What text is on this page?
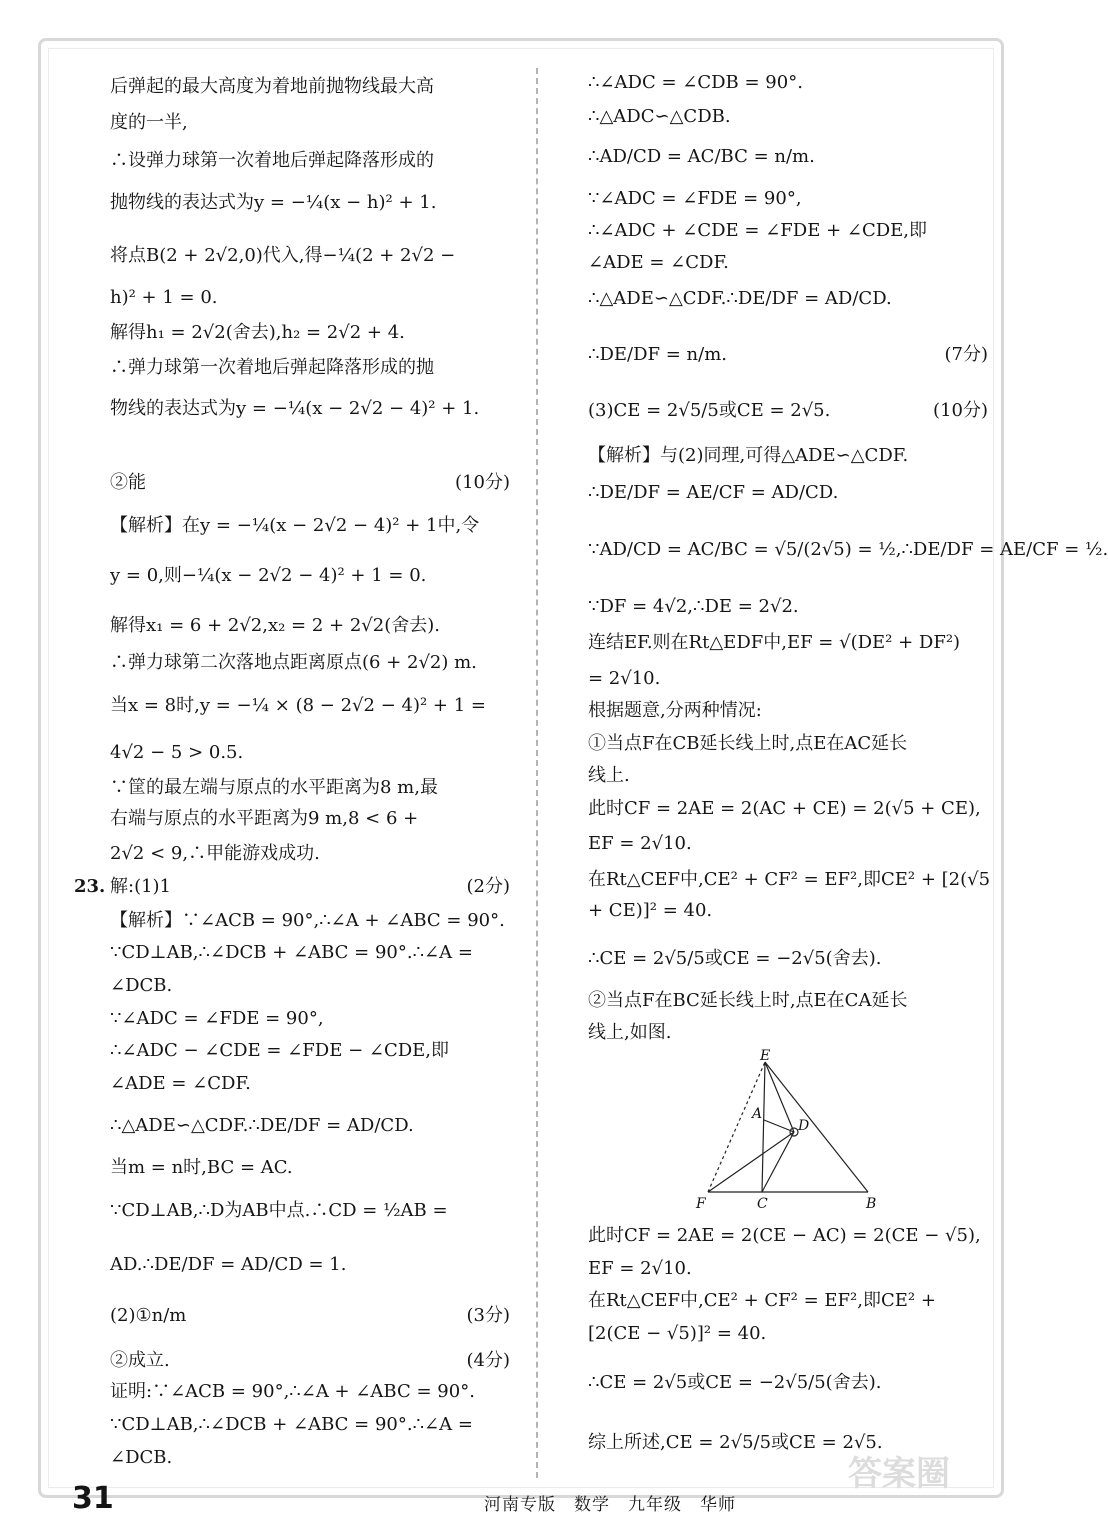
后弹起的最大高度为着地前抛物线最大高
度的一半,
∴设弹力球第一次着地后弹起降落形成的
抛物线的表达式为y = −¼(x − h)² + 1.
将点B(2 + 2√2,0)代入,得−¼(2 + 2√2 −
h)² + 1 = 0.
解得h₁ = 2√2(舍去),h₂ = 2√2 + 4.
∴弹力球第一次着地后弹起降落形成的抛
物线的表达式为y = −¼(x − 2√2 − 4)² + 1.
②能	(10分)
【解析】在y = −¼(x − 2√2 − 4)² + 1中,令
y = 0,则−¼(x − 2√2 − 4)² + 1 = 0.
解得x₁ = 6 + 2√2,x₂ = 2 + 2√2(舍去).
∴弹力球第二次落地点距离原点(6 + 2√2) m.
当x = 8时,y = −¼ × (8 − 2√2 − 4)² + 1 =
4√2 − 5 > 0.5.
∵筐的最左端与原点的水平距离为8 m,最
右端与原点的水平距离为9 m,8 < 6 +
2√2 < 9,∴甲能游戏成功.
23. 解:(1)1	(2分)
【解析】∵∠ACB = 90°,∴∠A + ∠ABC = 90°.
∵CD⊥AB,∴∠DCB + ∠ABC = 90°.∴∠A =
∠DCB.
∵∠ADC = ∠FDE = 90°,
∴∠ADC − ∠CDE = ∠FDE − ∠CDE,即
∠ADE = ∠CDF.
∴△ADE∽△CDF.∴DE/DF = AD/CD.
当m = n时,BC = AC.
∵CD⊥AB,∴D为AB中点.∴CD = ½AB =
AD.∴DE/DF = AD/CD = 1.
(2)①n/m	(3分)
②成立.	(4分)
证明:∵∠ACB = 90°,∴∠A + ∠ABC = 90°.
∵CD⊥AB,∴∠DCB + ∠ABC = 90°.∴∠A =
∠DCB.
∴∠ADC = ∠CDB = 90°.
∴△ADC∽△CDB.
∴AD/CD = AC/BC = n/m.
∵∠ADC = ∠FDE = 90°,
∴∠ADC + ∠CDE = ∠FDE + ∠CDE,即
∠ADE = ∠CDF.
∴△ADE∽△CDF.∴DE/DF = AD/CD.
∴DE/DF = n/m.	(7分)
(3)CE = 2√5/5或CE = 2√5.	(10分)
【解析】与(2)同理,可得△ADE∽△CDF.
∴DE/DF = AE/CF = AD/CD.
∵AD/CD = AC/BC = √5/(2√5) = ½,∴DE/DF = AE/CF = ½.
∵DF = 4√2,∴DE = 2√2.
连结EF.则在Rt△EDF中,EF = √(DE² + DF²)
= 2√10.
根据题意,分两种情况:
①当点F在CB延长线上时,点E在AC延长
线上.
此时CF = 2AE = 2(AC + CE) = 2(√5 + CE),
EF = 2√10.
在Rt△CEF中,CE² + CF² = EF²,即CE² + [2(√5
+ CE)]² = 40.
∴CE = 2√5/5或CE = −2√5(舍去).
②当点F在BC延长线上时,点E在CA延长
线上,如图.
此时CF = 2AE = 2(CE − AC) = 2(CE − √5),
EF = 2√10.
在Rt△CEF中,CE² + CF² = EF²,即CE² +
[2(CE − √5)]² = 40.
∴CE = 2√5或CE = −2√5/5(舍去).
综上所述,CE = 2√5/5或CE = 2√5.
E
A
D
F	C	B
31	河南专版　数学　九年级　华师
答案圈
